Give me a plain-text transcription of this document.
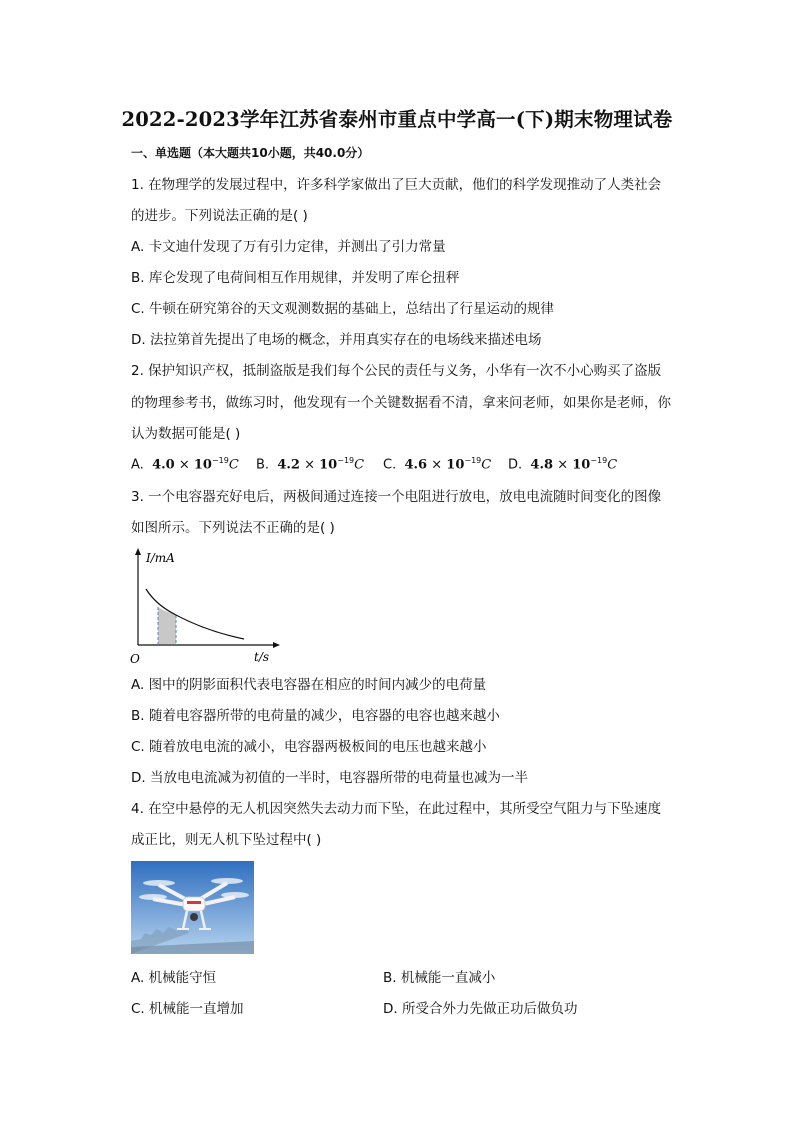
2022-2023学年江苏省泰州市重点中学高一(下)期末物理试卷
一、单选题（本大题共10小题，共40.0分）
1. 在物理学的发展过程中，许多科学家做出了巨大贡献，他们的科学发现推动了人类社会
的进步。下列说法正确的是( )
A. 卡文迪什发现了万有引力定律，并测出了引力常量
B. 库仑发现了电荷间相互作用规律，并发明了库仑扭秤
C. 牛顿在研究第谷的天文观测数据的基础上，总结出了行星运动的规律
D. 法拉第首先提出了电场的概念，并用真实存在的电场线来描述电场
2. 保护知识产权，抵制盗版是我们每个公民的责任与义务，小华有一次不小心购买了盗版
的物理参考书，做练习时，他发现有一个关键数据看不清，拿来问老师，如果你是老师，你
认为数据可能是( )
A. $4.0 \times 10^{-19}C$ B. $4.2 \times 10^{-19}C$ C. $4.6 \times 10^{-19}C$ D. $4.8 \times 10^{-19}C$
3. 一个电容器充好电后，两极间通过连接一个电阻进行放电，放电电流随时间变化的图像
如图所示。下列说法不正确的是( )
I/mA
t/s
O
A. 图中的阴影面积代表电容器在相应的时间内减少的电荷量
B. 随着电容器所带的电荷量的减少，电容器的电容也越来越小
C. 随着放电电流的减小，电容器两极板间的电压也越来越小
D. 当放电电流减为初值的一半时，电容器所带的电荷量也减为一半
4. 在空中悬停的无人机因突然失去动力而下坠，在此过程中，其所受空气阻力与下坠速度
成正比，则无人机下坠过程中( )
A. 机械能守恒	B. 机械能一直减小
C. 机械能一直增加	D. 所受合外力先做正功后做负功
